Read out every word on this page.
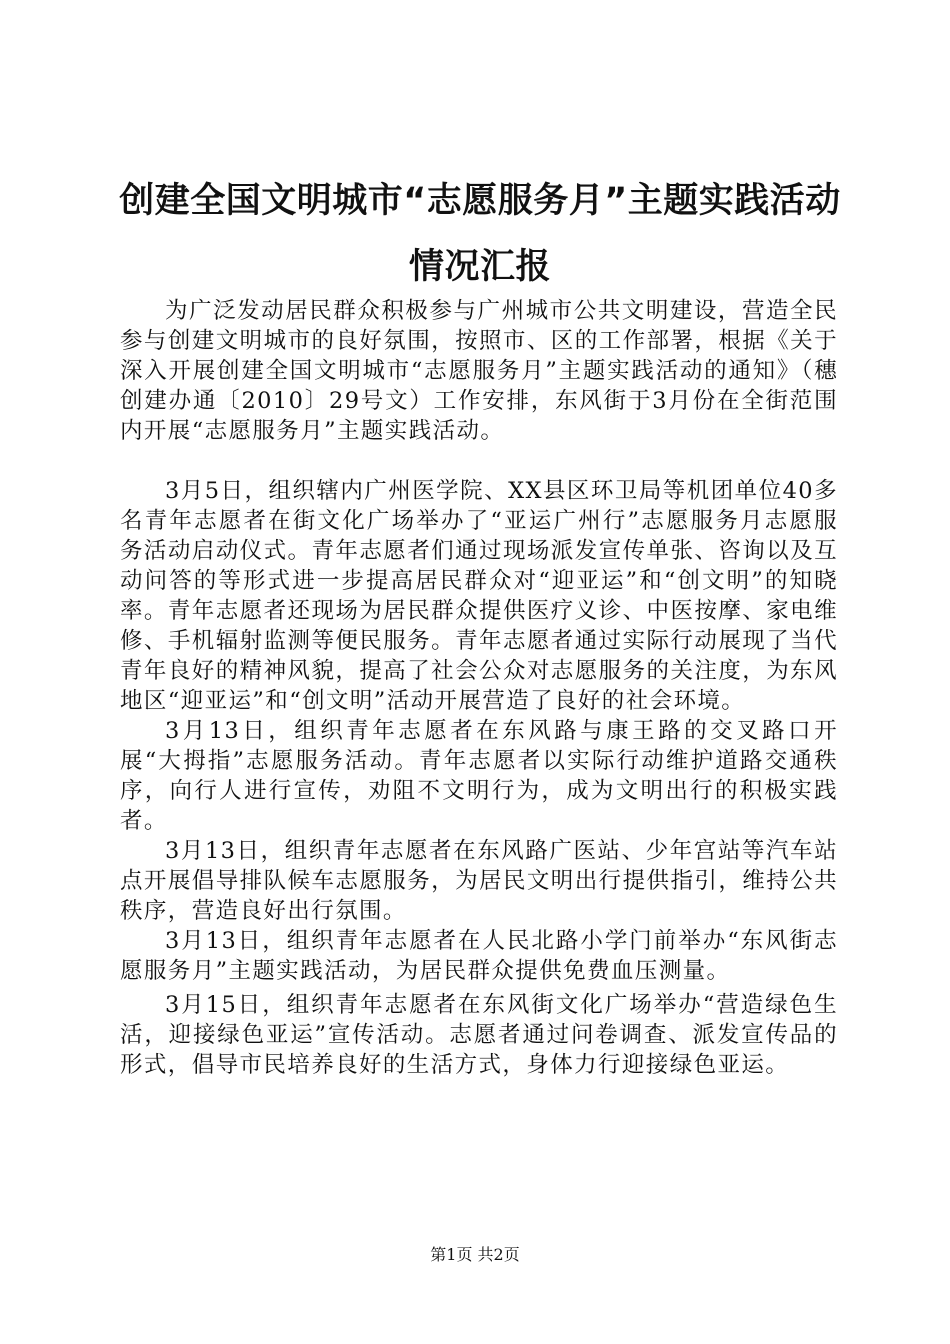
创建全国文明城市“志愿服务月”主题实践活动情况汇报

为广泛发动居民群众积极参与广州城市公共文明建设，营造全民参与创建文明城市的良好氛围，按照市、区的工作部署，根据《关于深入开展创建全国文明城市“志愿服务月”主题实践活动的通知》（穗创建办通〔2010〕29号文）工作安排，东风街于3月份在全街范围内开展“志愿服务月”主题实践活动。

3月5日，组织辖内广州医学院、XX县区环卫局等机团单位40多名青年志愿者在街文化广场举办了“亚运广州行”志愿服务月志愿服务活动启动仪式。青年志愿者们通过现场派发宣传单张、咨询以及互动问答的等形式进一步提高居民群众对“迎亚运”和“创文明”的知晓率。青年志愿者还现场为居民群众提供医疗义诊、中医按摩、家电维修、手机辐射监测等便民服务。青年志愿者通过实际行动展现了当代青年良好的精神风貌，提高了社会公众对志愿服务的关注度，为东风地区“迎亚运”和“创文明”活动开展营造了良好的社会环境。

3月13日，组织青年志愿者在东风路与康王路的交叉路口开展“大拇指”志愿服务活动。青年志愿者以实际行动维护道路交通秩序，向行人进行宣传，劝阻不文明行为，成为文明出行的积极实践者。

3月13日，组织青年志愿者在东风路广医站、少年宫站等汽车站点开展倡导排队候车志愿服务，为居民文明出行提供指引，维持公共秩序，营造良好出行氛围。

3月13日，组织青年志愿者在人民北路小学门前举办“东风街志愿服务月”主题实践活动，为居民群众提供免费血压测量。

3月15日，组织青年志愿者在东风街文化广场举办“营造绿色生活，迎接绿色亚运”宣传活动。志愿者通过问卷调查、派发宣传品的形式，倡导市民培养良好的生活方式，身体力行迎接绿色亚运。

第1页 共2页
